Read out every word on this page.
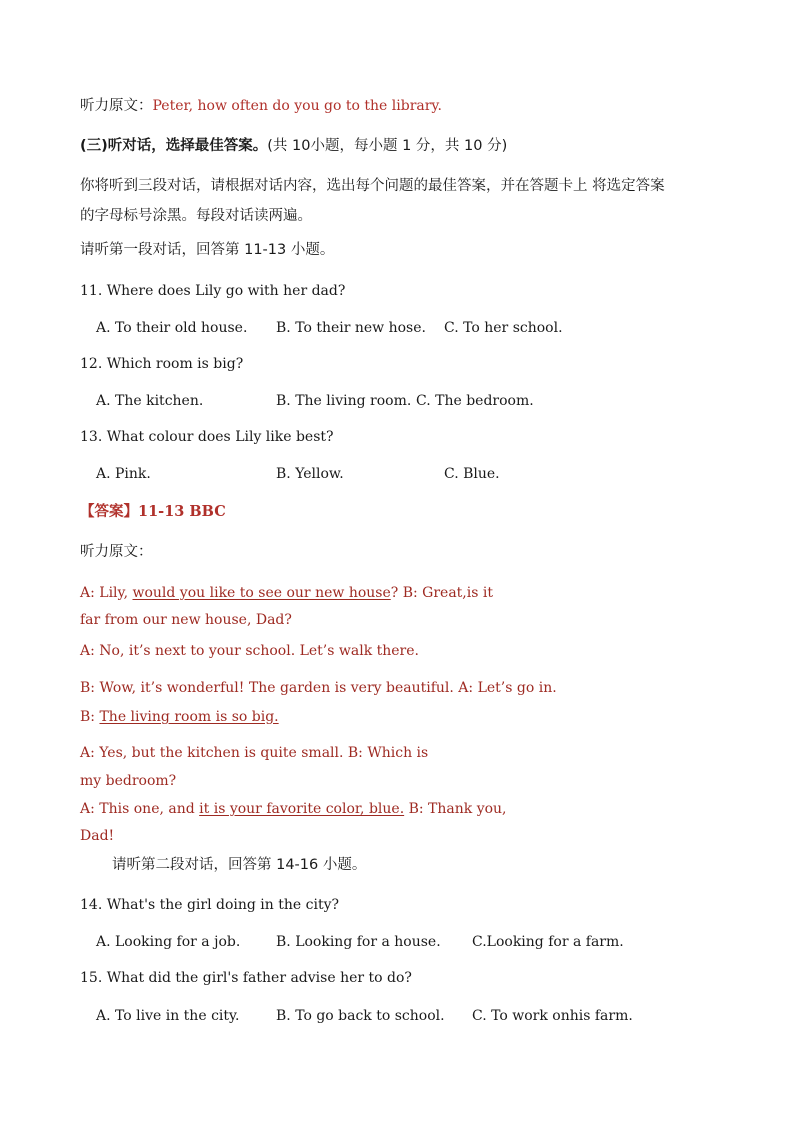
听力原文：Peter, how often do you go to the library.
(三)听对话，选择最佳答案。(共 10小题，每小题 1 分，共 10 分)
你将听到三段对话，请根据对话内容，选出每个问题的最佳答案，并在答题卡上 将选定答案
的字母标号涂黑。每段对话读两遍。
请听第一段对话，回答第 11-13 小题。
11. Where does Lily go with her dad?
A. To their old house. B. To their new hose. C. To her school.
12. Which room is big?
A. The kitchen.	B. The living room. C. The bedroom.
13. What colour does Lily like best?
A. Pink.	B. Yellow.	C. Blue.
【答案】11-13 BBC
听力原文：
A: Lily, would you like to see our new house? B: Great,is it
far from our new house, Dad?
A: No, it’s next to your school. Let’s walk there.
B: Wow, it’s wonderful! The garden is very beautiful. A: Let’s go in.
B: The living room is so big.
A: Yes, but the kitchen is quite small. B: Which is
my bedroom?
A: This one, and it is your favorite color, blue. B: Thank you,
Dad!
请听第二段对话，回答第 14-16 小题。
14. What's the girl doing in the city?
A. Looking for a job.	B. Looking for a house. C.Looking for a farm.
15. What did the girl's father advise her to do?
A. To live in the city.	B. To go back to school. C. To work onhis farm.
